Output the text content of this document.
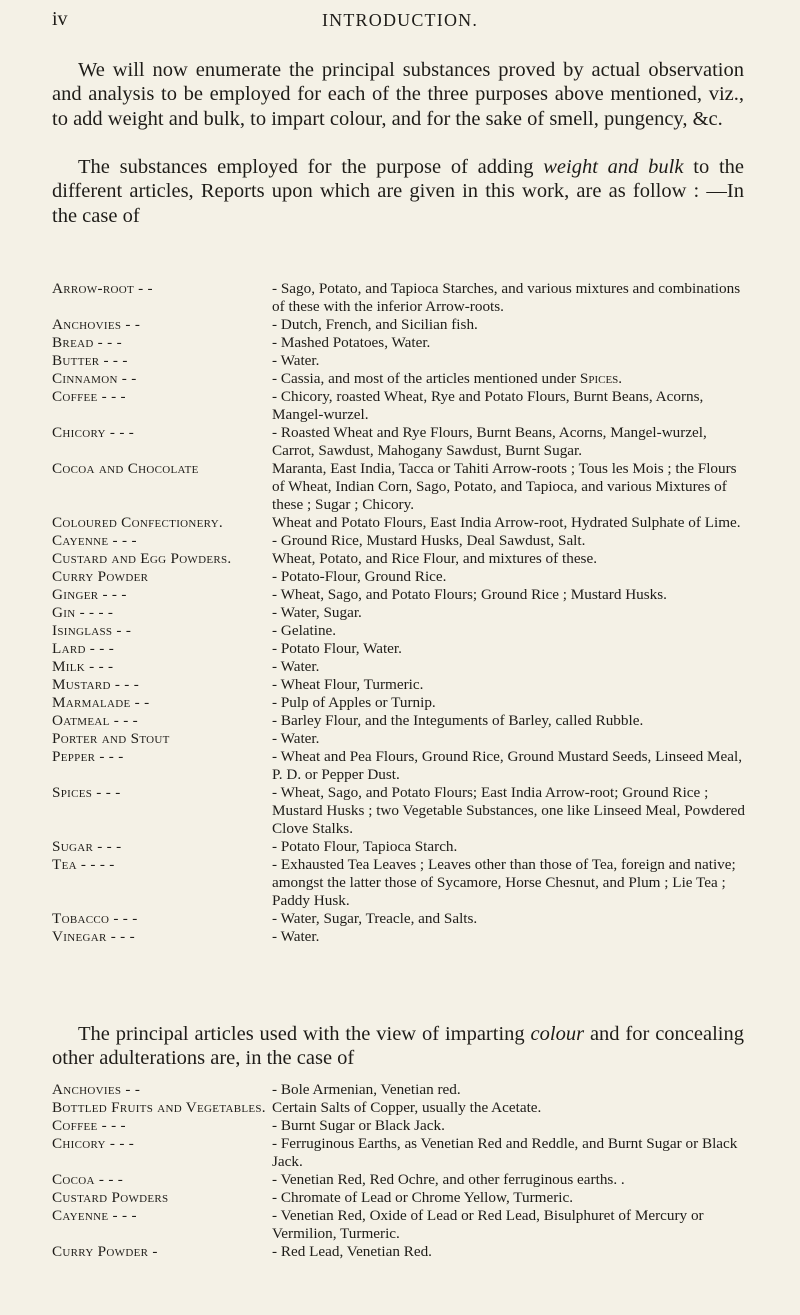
iv	INTRODUCTION.

We will now enumerate the principal substances proved by actual observation and analysis to be employed for each of the three purposes above mentioned, viz., to add weight and bulk, to impart colour, and for the sake of smell, pungency, &c.

The substances employed for the purpose of adding weight and bulk to the different articles, Reports upon which are given in this work, are as follow : —In the case of

Arrow-root - -	- Sago, Potato, and Tapioca Starches, and various mixtures and combinations of these with the inferior Arrow-roots.
Anchovies - -	- Dutch, French, and Sicilian fish.
Bread - - -	- Mashed Potatoes, Water.
Butter - - -	- Water.
Cinnamon - -	- Cassia, and most of the articles mentioned under Spices.
Coffee - - -	- Chicory, roasted Wheat, Rye and Potato Flours, Burnt Beans, Acorns, Mangel-wurzel.
Chicory - - -	- Roasted Wheat and Rye Flours, Burnt Beans, Acorns, Mangel-wurzel, Carrot, Sawdust, Mahogany Sawdust, Burnt Sugar.
Cocoa and Chocolate	Maranta, East India, Tacca or Tahiti Arrow-roots ; Tous les Mois ; the Flours of Wheat, Indian Corn, Sago, Potato, and Tapioca, and various Mixtures of these ; Sugar ; Chicory.
Coloured Confectionery.	Wheat and Potato Flours, East India Arrow-root, Hydrated Sulphate of Lime.
Cayenne - - -	- Ground Rice, Mustard Husks, Deal Sawdust, Salt.
Custard and Egg Powders.	Wheat, Potato, and Rice Flour, and mixtures of these.
Curry Powder	- Potato-Flour, Ground Rice.
Ginger - - -	- Wheat, Sago, and Potato Flours; Ground Rice ; Mustard Husks.
Gin - - - -	- Water, Sugar.
Isinglass - -	- Gelatine.
Lard - - -	- Potato Flour, Water.
Milk - - -	- Water.
Mustard - - -	- Wheat Flour, Turmeric.
Marmalade - -	- Pulp of Apples or Turnip.
Oatmeal - - -	- Barley Flour, and the Integuments of Barley, called Rubble.
Porter and Stout	- Water.
Pepper - - -	- Wheat and Pea Flours, Ground Rice, Ground Mustard Seeds, Linseed Meal, P. D. or Pepper Dust.
Spices - - -	- Wheat, Sago, and Potato Flours; East India Arrow-root; Ground Rice ; Mustard Husks ; two Vegetable Substances, one like Linseed Meal, Powdered Clove Stalks.
Sugar - - -	- Potato Flour, Tapioca Starch.
Tea - - - -	- Exhausted Tea Leaves ; Leaves other than those of Tea, foreign and native; amongst the latter those of Sycamore, Horse Chesnut, and Plum ; Lie Tea ; Paddy Husk.
Tobacco - - -	- Water, Sugar, Treacle, and Salts.
Vinegar - - -	- Water.

The principal articles used with the view of imparting colour and for concealing other adulterations are, in the case of

Anchovies - -	- Bole Armenian, Venetian red.
Bottled Fruits and Vegetables. Certain Salts of Copper, usually the Acetate.
Coffee - - -	- Burnt Sugar or Black Jack.
Chicory - - -	- Ferruginous Earths, as Venetian Red and Reddle, and Burnt Sugar or Black Jack.
Cocoa - - -	- Venetian Red, Red Ochre, and other ferruginous earths. .
Custard Powders	- Chromate of Lead or Chrome Yellow, Turmeric.
Cayenne - - -	- Venetian Red, Oxide of Lead or Red Lead, Bisulphuret of Mercury or Vermilion, Turmeric.
Curry Powder -	- Red Lead, Venetian Red.
